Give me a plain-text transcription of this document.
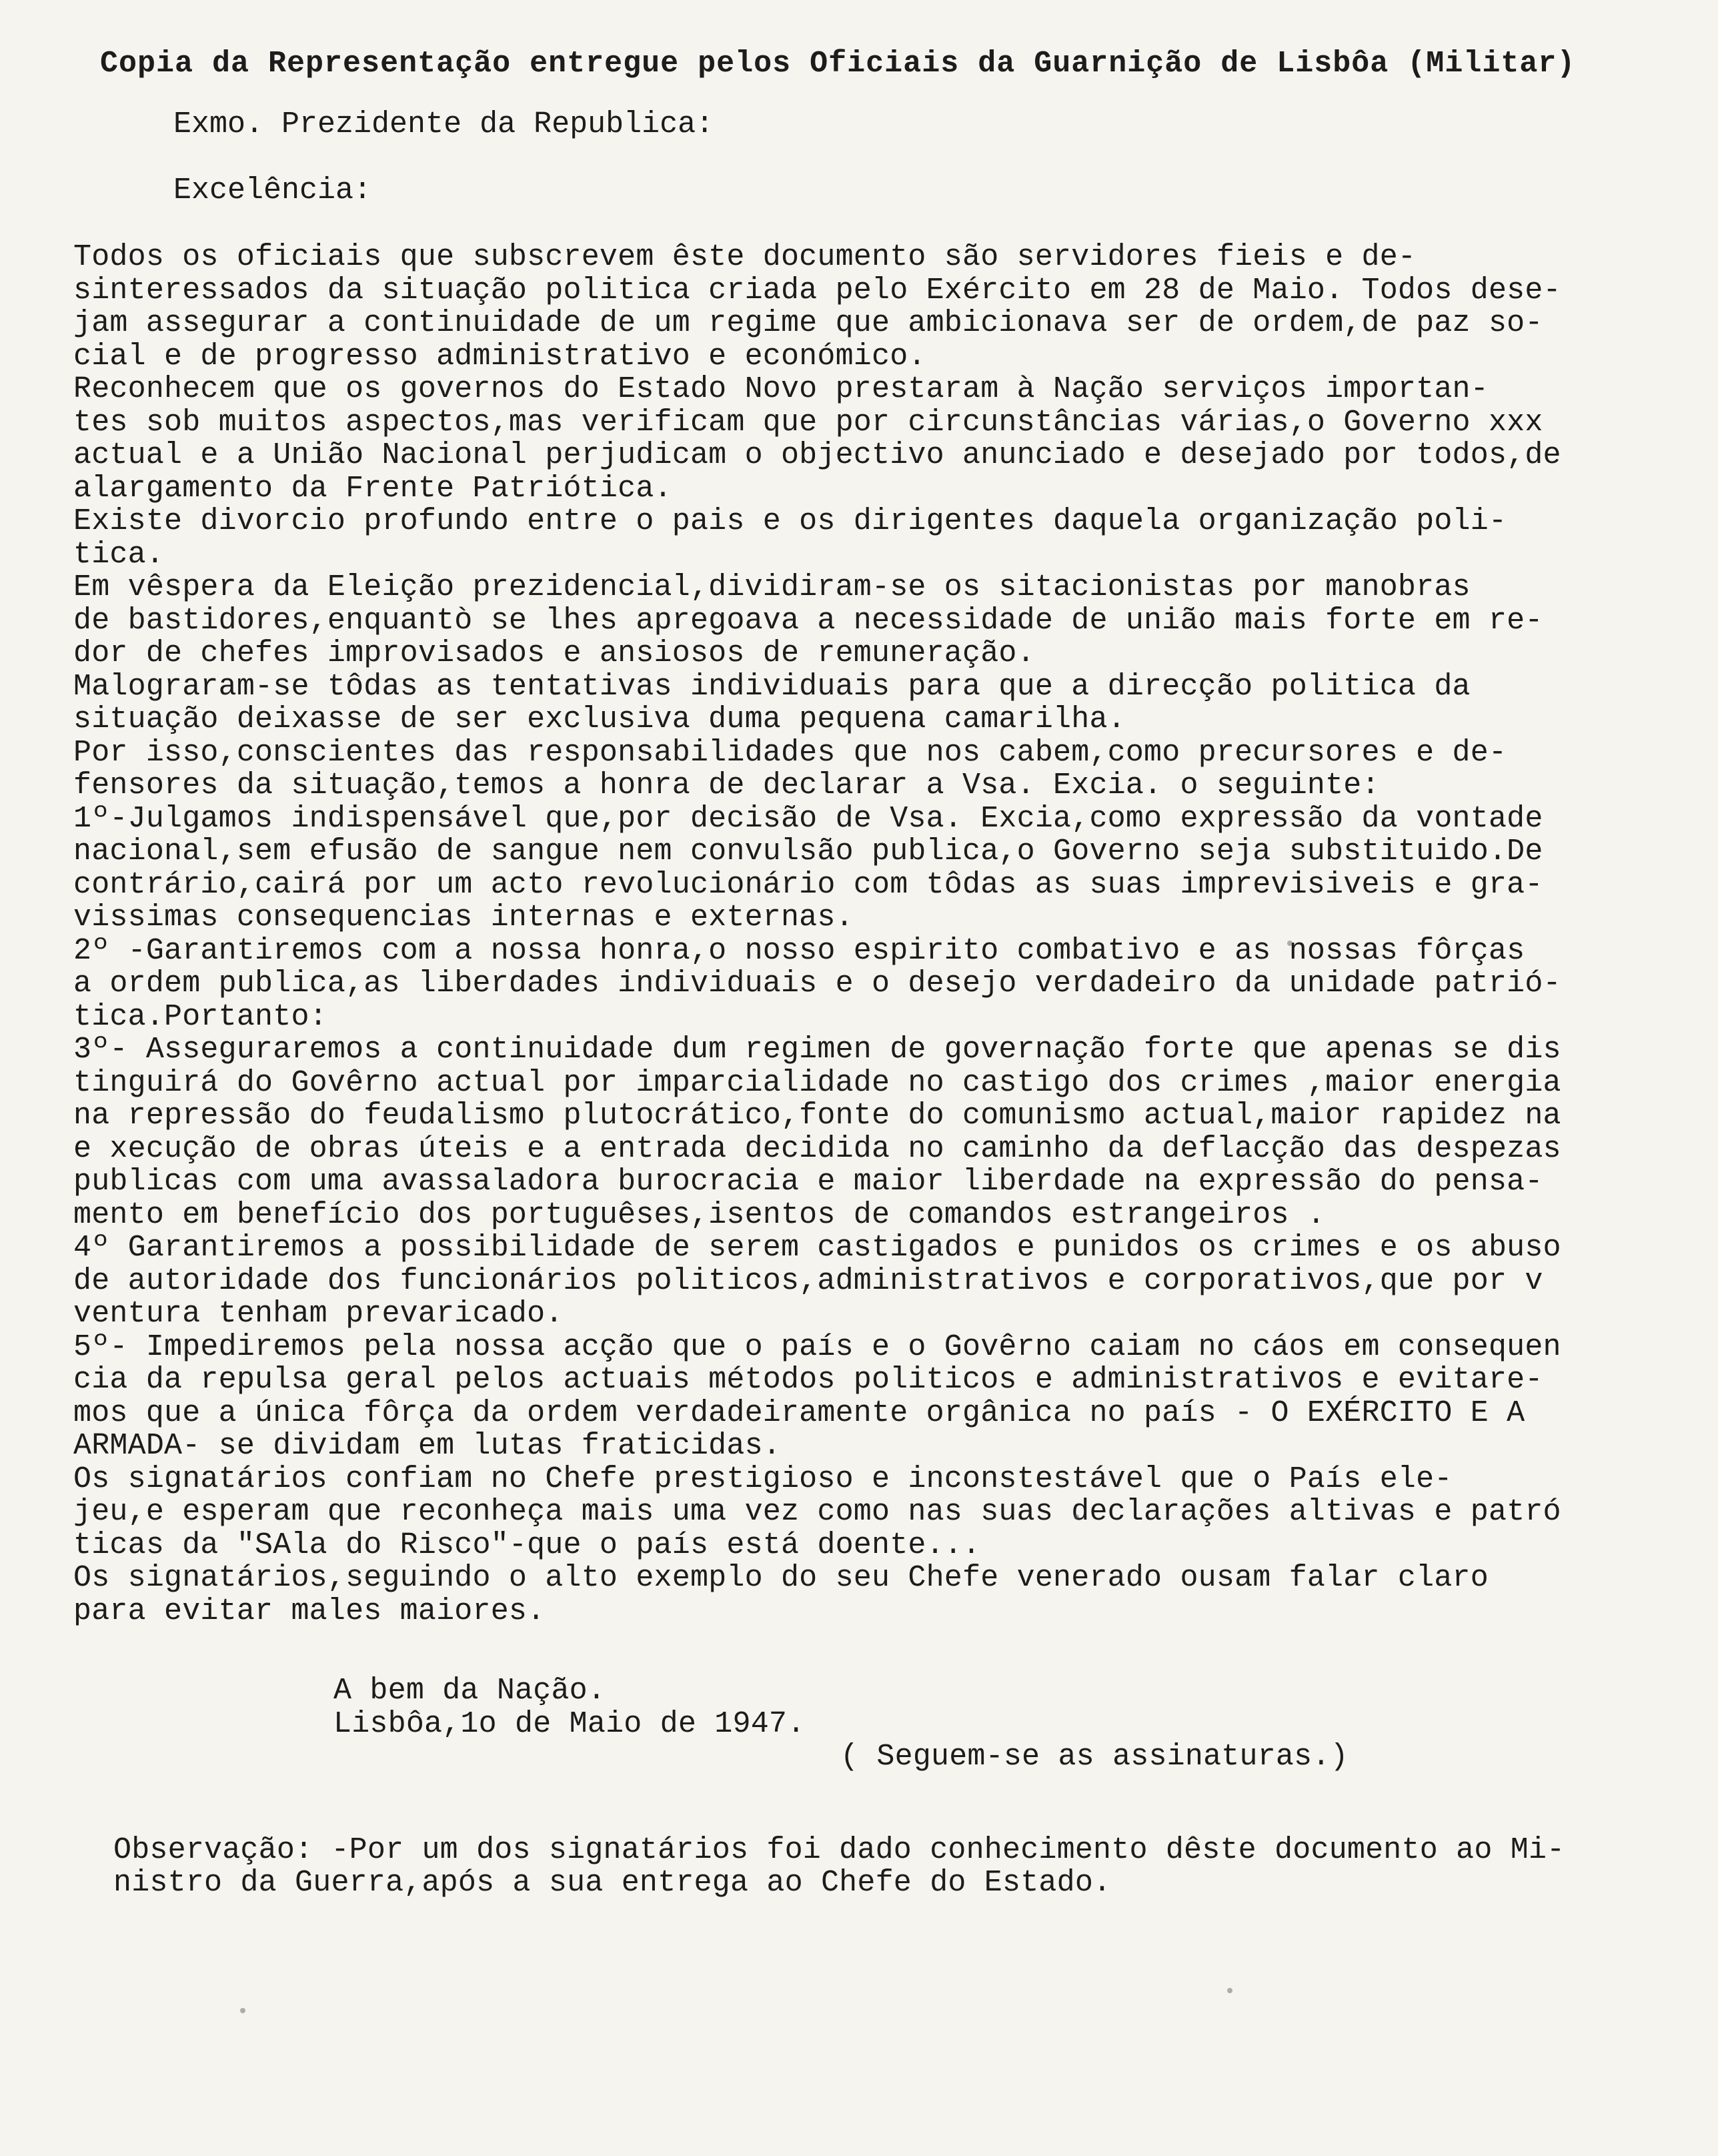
Copia da Representação entregue pelos Oficiais da Guarnição de Lisbôa (Militar)
Exmo. Prezidente da Republica:
Excelência:
Todos os oficiais que subscrevem êste documento são servidores fieis e de-
sinteressados da situação politica criada pelo Exército em 28 de Maio. Todos dese-
jam assegurar a continuidade de um regime que ambicionava ser de ordem,de paz so-
cial e de progresso administrativo e económico.
Reconhecem que os governos do Estado Novo prestaram à Nação serviços importan-
tes sob muitos aspectos,mas verificam que por circunstâncias várias,o Governo xxx
actual e a União Nacional perjudicam o objectivo anunciado e desejado por todos,de
alargamento da Frente Patriótica.
Existe divorcio profundo entre o pais e os dirigentes daquela organização poli-
tica.
Em vêspera da Eleição prezidencial,dividiram-se os sitacionistas por manobras
de bastidores,enquantò se lhes apregoava a necessidade de união mais forte em re-
dor de chefes improvisados e ansiosos de remuneração.
Malograram-se tôdas as tentativas individuais para que a direcção politica da
situação deixasse de ser exclusiva duma pequena camarilha.
Por isso,conscientes das responsabilidades que nos cabem,como precursores e de-
fensores da situação,temos a honra de declarar a Vsa. Excia. o seguinte:
1º-Julgamos indispensável que,por decisão de Vsa. Excia,como expressão da vontade
nacional,sem efusão de sangue nem convulsão publica,o Governo seja substituido.De
contrário,cairá por um acto revolucionário com tôdas as suas imprevisiveis e gra-
vissimas consequencias internas e externas.
2º -Garantiremos com a nossa honra,o nosso espirito combativo e as nossas fôrças
a ordem publica,as liberdades individuais e o desejo verdadeiro da unidade patrió-
tica.Portanto:
3º- Asseguraremos a continuidade dum regimen de governação forte que apenas se dis
tinguirá do Govêrno actual por imparcialidade no castigo dos crimes ,maior energia
na repressão do feudalismo plutocrático,fonte do comunismo actual,maior rapidez na
e xecução de obras úteis e a entrada decidida no caminho da deflacção das despezas
publicas com uma avassaladora burocracia e maior liberdade na expressão do pensa-
mento em benefício dos portuguêses,isentos de comandos estrangeiros .
4º Garantiremos a possibilidade de serem castigados e punidos os crimes e os abuso
de autoridade dos funcionários politicos,administrativos e corporativos,que por v
ventura tenham prevaricado.
5º- Impediremos pela nossa acção que o país e o Govêrno caiam no cáos em consequen
cia da repulsa geral pelos actuais métodos politicos e administrativos e evitare-
mos que a única fôrça da ordem verdadeiramente orgânica no país - O EXÉRCITO E A
ARMADA- se dividam em lutas fraticidas.
Os signatários confiam no Chefe prestigioso e inconstestável que o País ele-
jeu,e esperam que reconheça mais uma vez como nas suas declarações altivas e patró
ticas da "SAla do Risco"-que o país está doente...
Os signatários,seguindo o alto exemplo do seu Chefe venerado ousam falar claro
para evitar males maiores.
A bem da Nação.
Lisbôa,1o de Maio de 1947.
( Seguem-se as assinaturas.)
Observação: -Por um dos signatários foi dado conhecimento dêste documento ao Mi-
nistro da Guerra,após a sua entrega ao Chefe do Estado.
